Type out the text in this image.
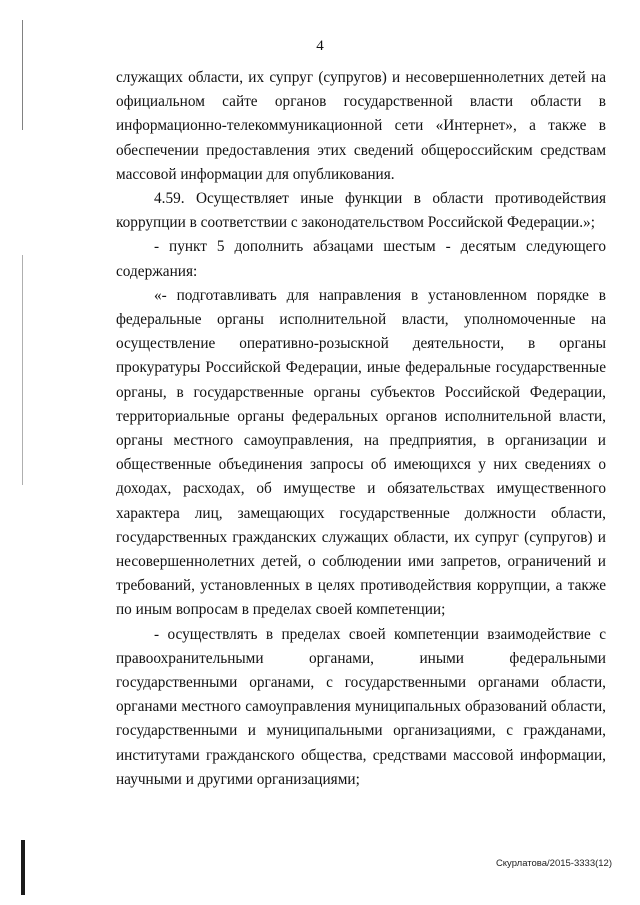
4

служащих области, их супруг (супругов) и несовершеннолетних детей на официальном сайте органов государственной власти области в информационно-телекоммуникационной сети «Интернет», а также в обеспечении предоставления этих сведений общероссийским средствам массовой информации для опубликования.

4.59. Осуществляет иные функции в области противодействия коррупции в соответствии с законодательством Российской Федерации.»;

- пункт 5 дополнить абзацами шестым - десятым следующего содержания:

«- подготавливать для направления в установленном порядке в федеральные органы исполнительной власти, уполномоченные на осуществление оперативно-розыскной деятельности, в органы прокуратуры Российской Федерации, иные федеральные государственные органы, в государственные органы субъектов Российской Федерации, территориальные органы федеральных органов исполнительной власти, органы местного самоуправления, на предприятия, в организации и общественные объединения запросы об имеющихся у них сведениях о доходах, расходах, об имуществе и обязательствах имущественного характера лиц, замещающих государственные должности области, государственных гражданских служащих области, их супруг (супругов) и несовершеннолетних детей, о соблюдении ими запретов, ограничений и требований, установленных в целях противодействия коррупции, а также по иным вопросам в пределах своей компетенции;

- осуществлять в пределах своей компетенции взаимодействие с правоохранительными органами, иными федеральными государственными органами, с государственными органами области, органами местного самоуправления муниципальных образований области, государственными и муниципальными организациями, с гражданами, институтами гражданского общества, средствами массовой информации, научными и другими организациями;

Скурлатова/2015-3333(12)
